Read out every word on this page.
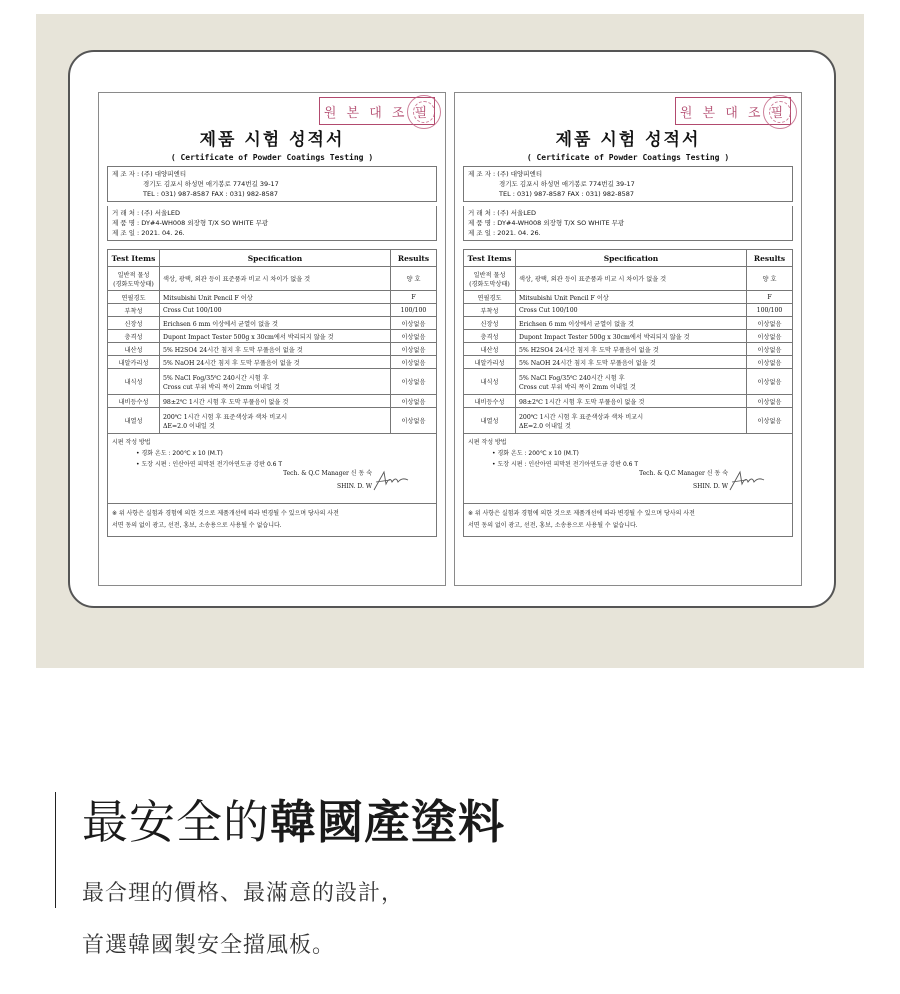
원 본 대 조 필
제품 시험 성적서
( Certificate of Powder Coatings Testing )
제 조 자 : (주) 대양피엔티
경기도 김포시 하성면 애기봉로 774번길 39-17
TEL : 031) 987-8587 FAX : 031) 982-8587
거 래 처 : (주) 서울LED
제 품 명 : DY#4-WH008 외장형 T/X SO WHITE 무광
제 조 일 : 2021. 04. 26.
Test Items	Specification	Results
일반적 물성
(경화도막상태)	색상, 광택, 외관 등이 표준품과 비교 시 차이가 없을 것	양 호
연필경도	Mitsubishi Unit Pencil F 이상	F
부착성	Cross Cut 100/100	100/100
신장성	Erichsen 6 mm 이상에서 균열이 없을 것	이상없음
충격성	Dupont Impact Tester 500g x 30cm에서 박리되지 않을 것	이상없음
내산성	5% H2SO4 24시간 침지 후 도막 부풀음이 없을 것	이상없음
내알카리성	5% NaOH 24시간 침지 후 도막 부풀음이 없을 것	이상없음
내식성	5% NaCl Fog/35℃ 240시간 시험 후
Cross cut 부위 박리 폭이 2mm 이내일 것	이상없음
내비등수성	98±2℃ 1시간 시험 후 도막 부풀음이 없을 것	이상없음
내열성	200℃ 1시간 시험 후 표준색상과 색차 비교시
ΔE=2.0 이내일 것	이상없음
시편 작성 방법
• 경화 온도 : 200℃ x 10 (M.T)
• 도장 시편 : 인산아연 피막된 전기아연도금 강판 0.6 T
Tech. & Q.C Manager 신 동 숙
SHIN. D. W
※ 위 사항은 실험과 경험에 의한 것으로 제품개선에 따라 변경될 수 있으며 당사의 사전
서면 동의 없이 광고, 선전, 홍보, 소송용으로 사용될 수 없습니다.
원 본 대 조 필
제품 시험 성적서
( Certificate of Powder Coatings Testing )
제 조 자 : (주) 대양피엔티
경기도 김포시 하성면 애기봉로 774번길 39-17
TEL : 031) 987-8587 FAX : 031) 982-8587
거 래 처 : (주) 서울LED
제 품 명 : DY#4-WH008 외장형 T/X SO WHITE 무광
제 조 일 : 2021. 04. 26.
Test Items	Specification	Results
일반적 물성
(경화도막상태)	색상, 광택, 외관 등이 표준품과 비교 시 차이가 없을 것	양 호
연필경도	Mitsubishi Unit Pencil F 이상	F
부착성	Cross Cut 100/100	100/100
신장성	Erichsen 6 mm 이상에서 균열이 없을 것	이상없음
충격성	Dupont Impact Tester 500g x 30cm에서 박리되지 않을 것	이상없음
내산성	5% H2SO4 24시간 침지 후 도막 부풀음이 없을 것	이상없음
내알카리성	5% NaOH 24시간 침지 후 도막 부풀음이 없을 것	이상없음
내식성	5% NaCl Fog/35℃ 240시간 시험 후
Cross cut 부위 박리 폭이 2mm 이내일 것	이상없음
내비등수성	98±2℃ 1시간 시험 후 도막 부풀음이 없을 것	이상없음
내열성	200℃ 1시간 시험 후 표준색상과 색차 비교시
ΔE=2.0 이내일 것	이상없음
시편 작성 방법
• 경화 온도 : 200℃ x 10 (M.T)
• 도장 시편 : 인산아연 피막된 전기아연도금 강판 0.6 T
Tech. & Q.C Manager 신 동 숙
SHIN. D. W
※ 위 사항은 실험과 경험에 의한 것으로 제품개선에 따라 변경될 수 있으며 당사의 사전
서면 동의 없이 광고, 선전, 홍보, 소송용으로 사용될 수 없습니다.
最安全的韓國產塗料
最合理的價格、最滿意的設計，
首選韓國製安全擋風板。
